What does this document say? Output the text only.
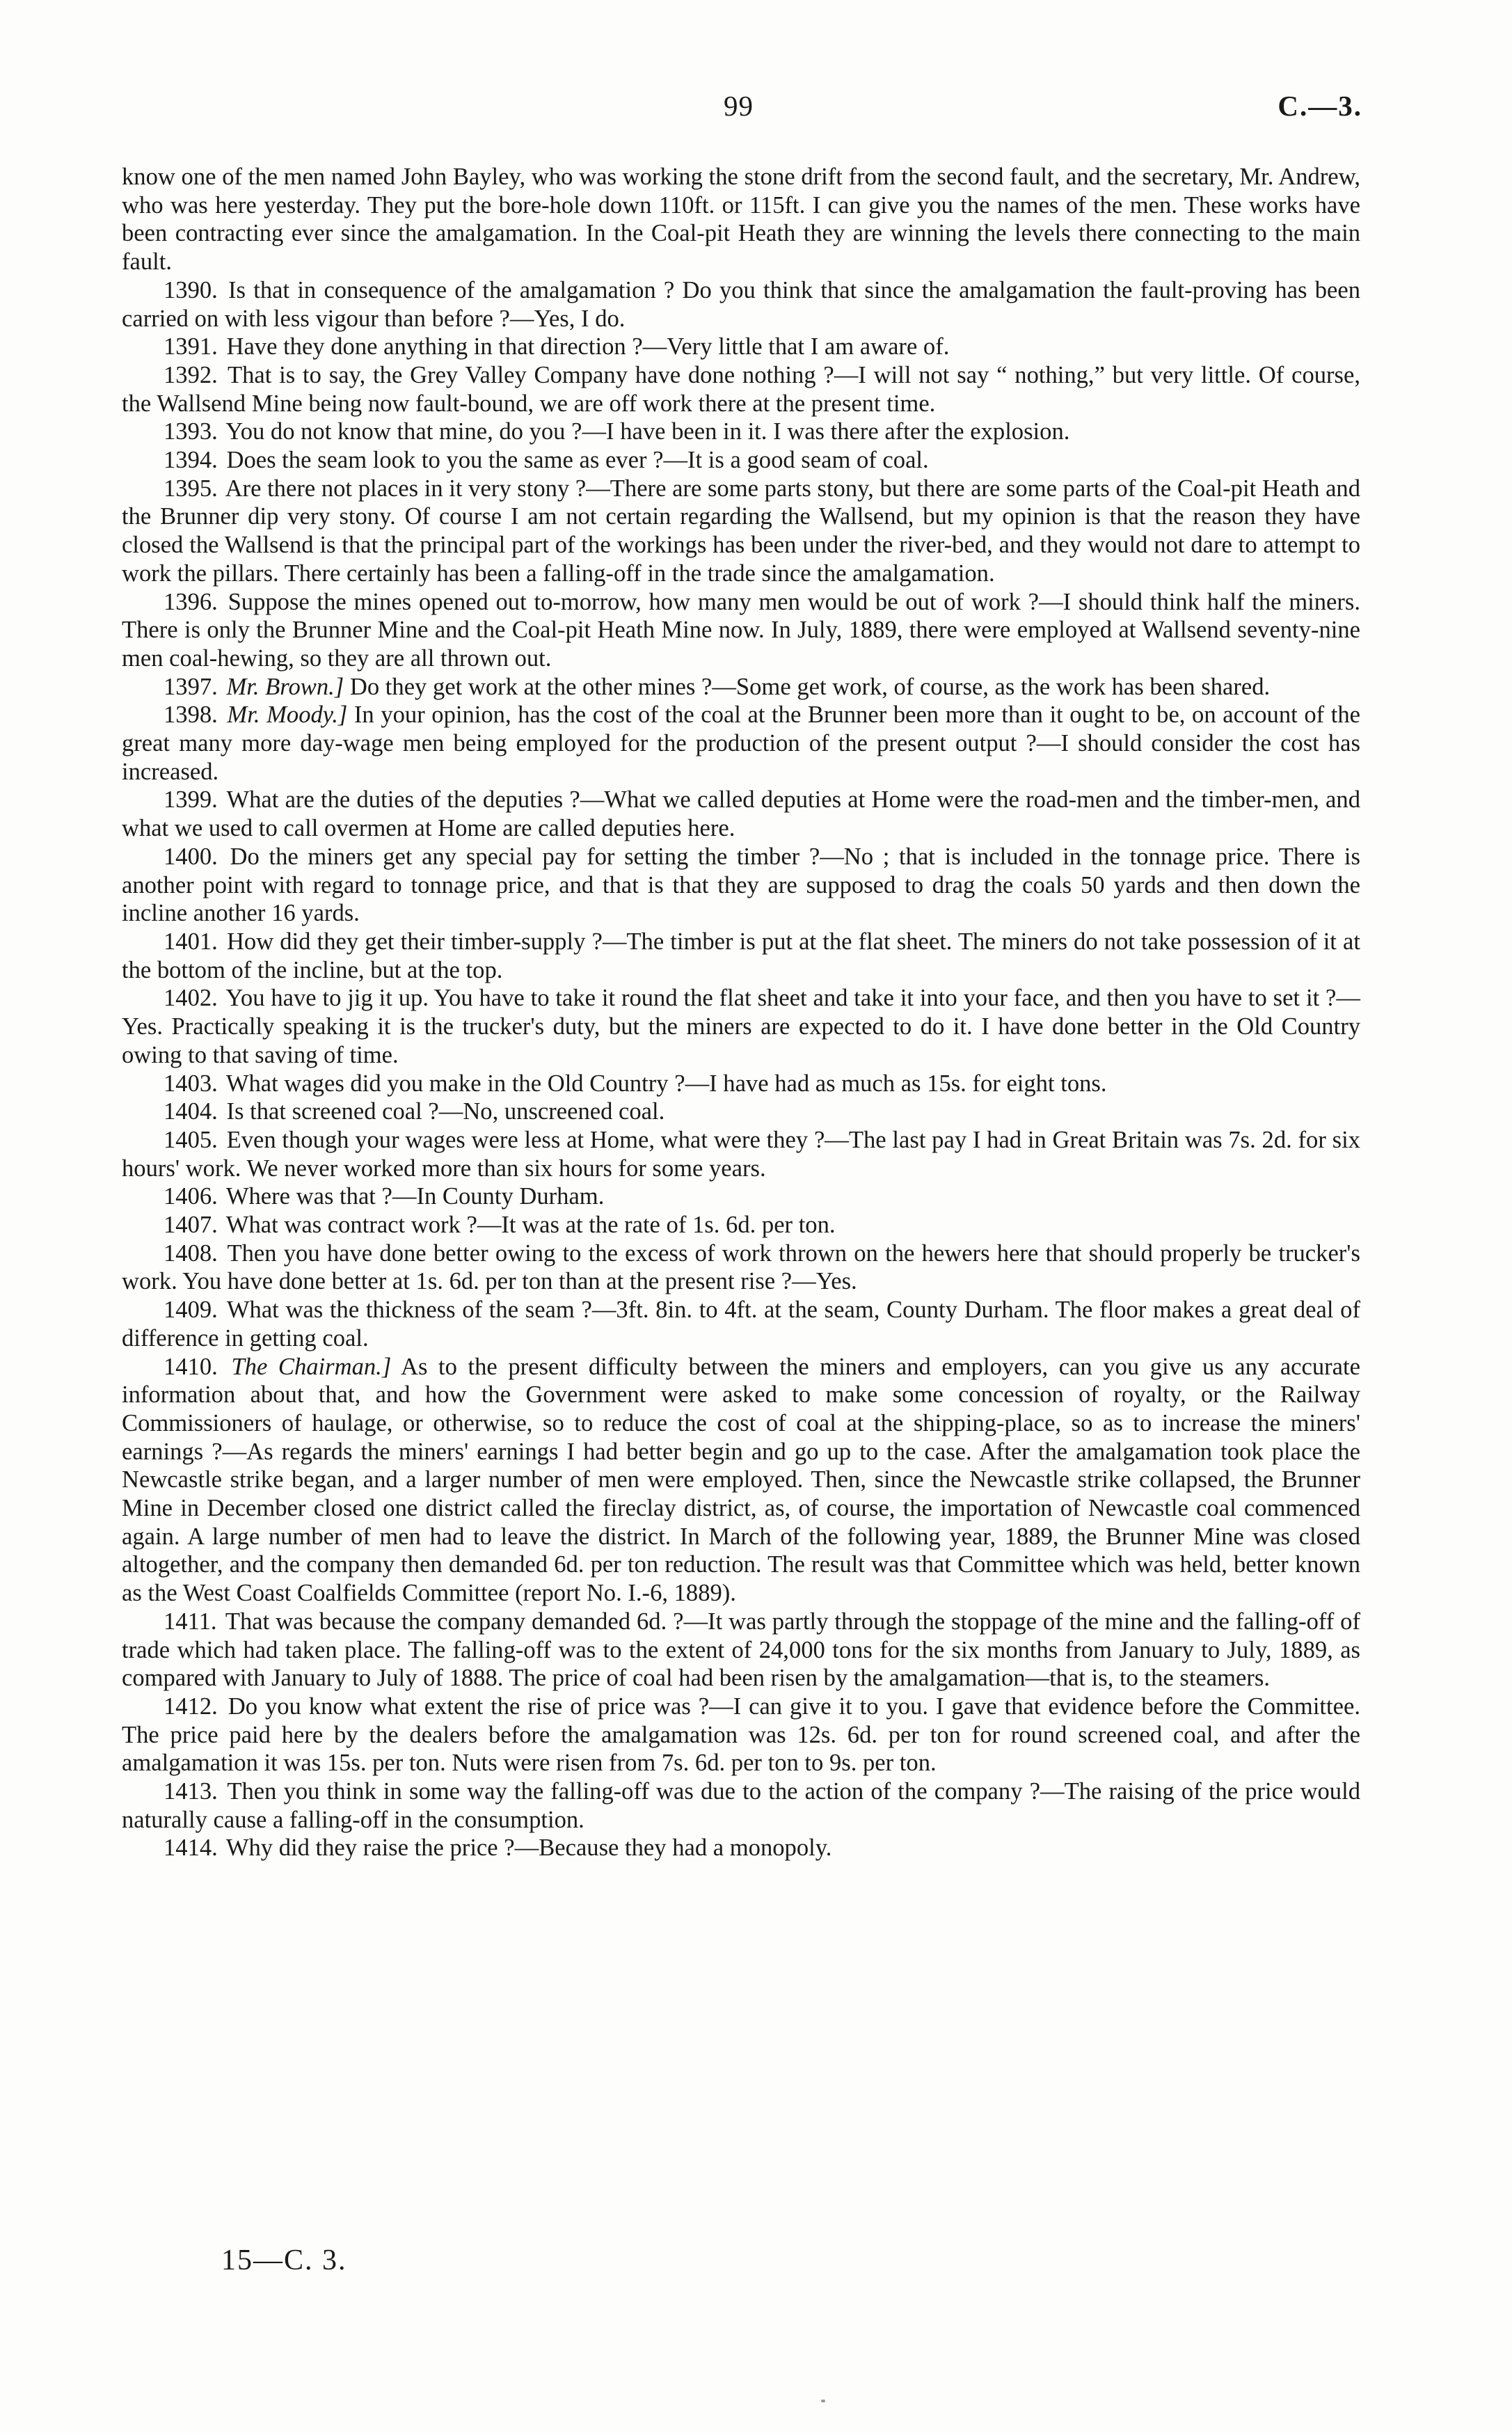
99	C.—3.

know one of the men named John Bayley, who was working the stone drift from the second fault, and the secretary, Mr. Andrew, who was here yesterday. They put the bore-hole down 110ft. or 115ft. I can give you the names of the men. These works have been contracting ever since the amalgamation. In the Coal-pit Heath they are winning the levels there connecting to the main fault.

1390. Is that in consequence of the amalgamation ? Do you think that since the amalgamation the fault-proving has been carried on with less vigour than before ?—Yes, I do.

1391. Have they done anything in that direction ?—Very little that I am aware of.

1392. That is to say, the Grey Valley Company have done nothing ?—I will not say “ nothing,” but very little. Of course, the Wallsend Mine being now fault-bound, we are off work there at the present time.

1393. You do not know that mine, do you ?—I have been in it. I was there after the explosion.

1394. Does the seam look to you the same as ever ?—It is a good seam of coal.

1395. Are there not places in it very stony ?—There are some parts stony, but there are some parts of the Coal-pit Heath and the Brunner dip very stony. Of course I am not certain regarding the Wallsend, but my opinion is that the reason they have closed the Wallsend is that the principal part of the workings has been under the river-bed, and they would not dare to attempt to work the pillars. There certainly has been a falling-off in the trade since the amalgamation.

1396. Suppose the mines opened out to-morrow, how many men would be out of work ?—I should think half the miners. There is only the Brunner Mine and the Coal-pit Heath Mine now. In July, 1889, there were employed at Wallsend seventy-nine men coal-hewing, so they are all thrown out.

1397. Mr. Brown.] Do they get work at the other mines ?—Some get work, of course, as the work has been shared.

1398. Mr. Moody.] In your opinion, has the cost of the coal at the Brunner been more than it ought to be, on account of the great many more day-wage men being employed for the production of the present output ?—I should consider the cost has increased.

1399. What are the duties of the deputies ?—What we called deputies at Home were the road-men and the timber-men, and what we used to call overmen at Home are called deputies here.

1400. Do the miners get any special pay for setting the timber ?—No ; that is included in the tonnage price. There is another point with regard to tonnage price, and that is that they are supposed to drag the coals 50 yards and then down the incline another 16 yards.

1401. How did they get their timber-supply ?—The timber is put at the flat sheet. The miners do not take possession of it at the bottom of the incline, but at the top.

1402. You have to jig it up. You have to take it round the flat sheet and take it into your face, and then you have to set it ?—Yes. Practically speaking it is the trucker's duty, but the miners are expected to do it. I have done better in the Old Country owing to that saving of time.

1403. What wages did you make in the Old Country ?—I have had as much as 15s. for eight tons.

1404. Is that screened coal ?—No, unscreened coal.

1405. Even though your wages were less at Home, what were they ?—The last pay I had in Great Britain was 7s. 2d. for six hours' work. We never worked more than six hours for some years.

1406. Where was that ?—In County Durham.

1407. What was contract work ?—It was at the rate of 1s. 6d. per ton.

1408. Then you have done better owing to the excess of work thrown on the hewers here that should properly be trucker's work. You have done better at 1s. 6d. per ton than at the present rise ?—Yes.

1409. What was the thickness of the seam ?—3ft. 8in. to 4ft. at the seam, County Durham. The floor makes a great deal of difference in getting coal.

1410. The Chairman.] As to the present difficulty between the miners and employers, can you give us any accurate information about that, and how the Government were asked to make some concession of royalty, or the Railway Commissioners of haulage, or otherwise, so to reduce the cost of coal at the shipping-place, so as to increase the miners' earnings ?—As regards the miners' earnings I had better begin and go up to the case. After the amalgamation took place the Newcastle strike began, and a larger number of men were employed. Then, since the Newcastle strike collapsed, the Brunner Mine in December closed one district called the fireclay district, as, of course, the importation of Newcastle coal commenced again. A large number of men had to leave the district. In March of the following year, 1889, the Brunner Mine was closed altogether, and the company then demanded 6d. per ton reduction. The result was that Committee which was held, better known as the West Coast Coalfields Committee (report No. I.-6, 1889).

1411. That was because the company demanded 6d. ?—It was partly through the stoppage of the mine and the falling-off of trade which had taken place. The falling-off was to the extent of 24,000 tons for the six months from January to July, 1889, as compared with January to July of 1888. The price of coal had been risen by the amalgamation—that is, to the steamers.

1412. Do you know what extent the rise of price was ?—I can give it to you. I gave that evidence before the Committee. The price paid here by the dealers before the amalgamation was 12s. 6d. per ton for round screened coal, and after the amalgamation it was 15s. per ton. Nuts were risen from 7s. 6d. per ton to 9s. per ton.

1413. Then you think in some way the falling-off was due to the action of the company ?—The raising of the price would naturally cause a falling-off in the consumption.

1414. Why did they raise the price ?—Because they had a monopoly.

15—C. 3.
